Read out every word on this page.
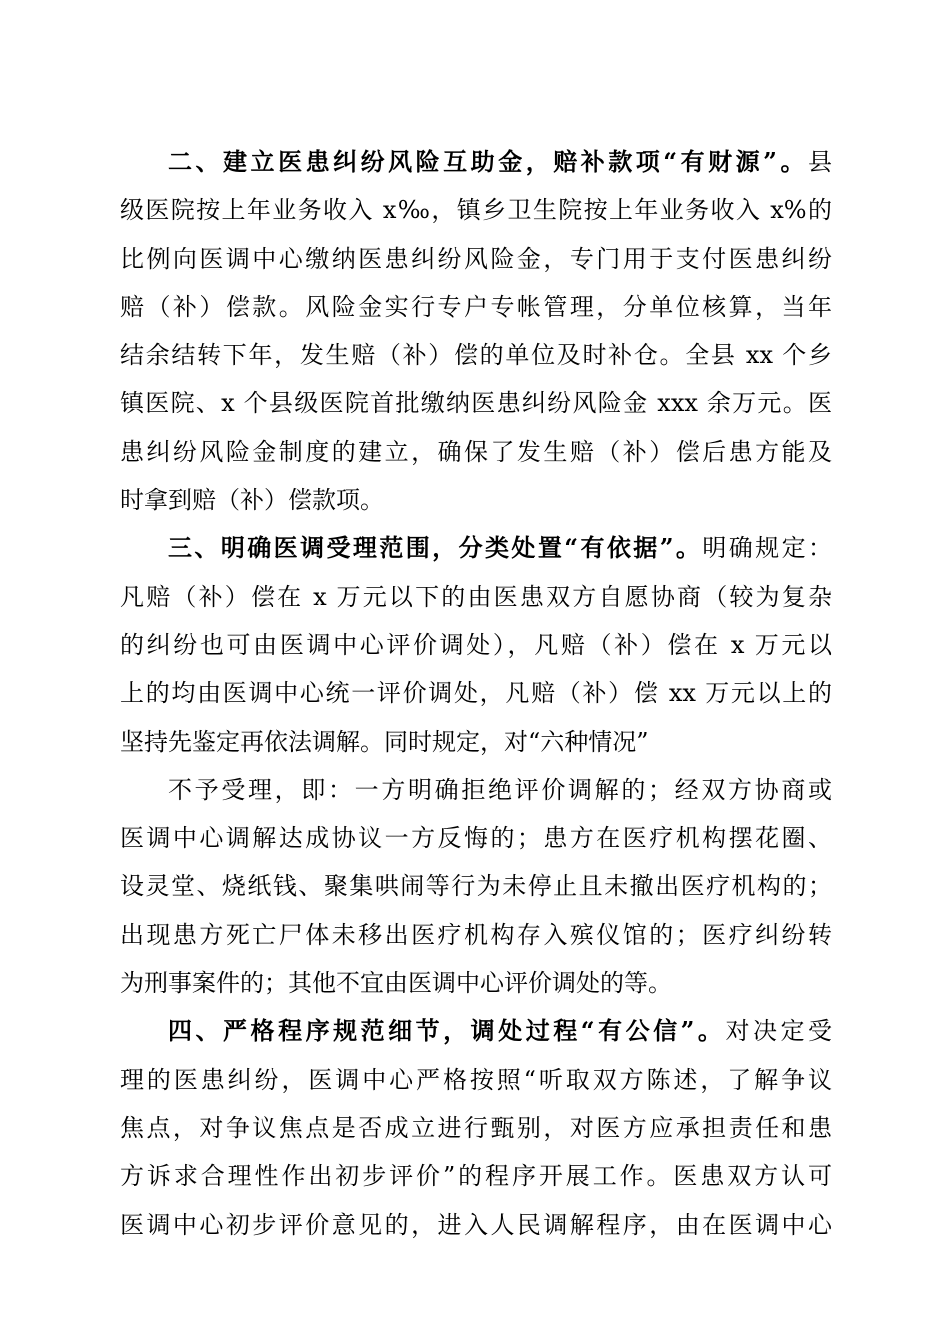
二、建立医患纠纷风险互助金，赔补款项“有财源”。县
级医院按上年业务收入 x‰，镇乡卫生院按上年业务收入 x%的
比例向医调中心缴纳医患纠纷风险金，专门用于支付医患纠纷
赔（补）偿款。风险金实行专户专帐管理，分单位核算，当年
结余结转下年，发生赔（补）偿的单位及时补仓。全县 xx 个乡
镇医院、x 个县级医院首批缴纳医患纠纷风险金 xxx 余万元。医
患纠纷风险金制度的建立，确保了发生赔（补）偿后患方能及
时拿到赔（补）偿款项。
三、明确医调受理范围，分类处置“有依据”。明确规定：
凡赔（补）偿在 x 万元以下的由医患双方自愿协商（较为复杂
的纠纷也可由医调中心评价调处），凡赔（补）偿在 x 万元以
上的均由医调中心统一评价调处，凡赔（补）偿 xx 万元以上的
坚持先鉴定再依法调解。同时规定，对“六种情况”
不予受理，即：一方明确拒绝评价调解的；经双方协商或
医调中心调解达成协议一方反悔的；患方在医疗机构摆花圈、
设灵堂、烧纸钱、聚集哄闹等行为未停止且未撤出医疗机构的；
出现患方死亡尸体未移出医疗机构存入殡仪馆的；医疗纠纷转
为刑事案件的；其他不宜由医调中心评价调处的等。
四、严格程序规范细节，调处过程“有公信”。对决定受
理的医患纠纷，医调中心严格按照“听取双方陈述，了解争议
焦点，对争议焦点是否成立进行甄别，对医方应承担责任和患
方诉求合理性作出初步评价”的程序开展工作。医患双方认可
医调中心初步评价意见的，进入人民调解程序，由在医调中心
